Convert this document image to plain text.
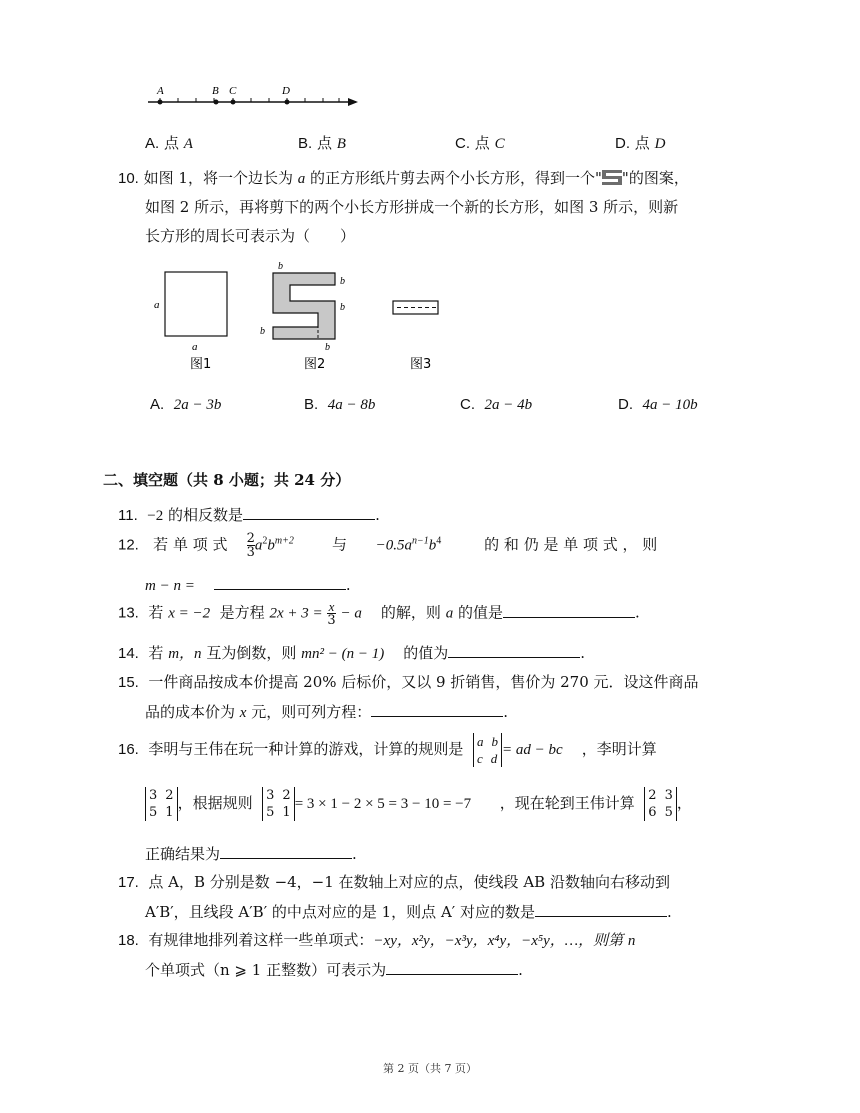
A	B C	D
A. 点 A	B. 点 B	C. 点 C	D. 点 D
10. 如图 1，将一个边长为 a 的正方形纸片剪去两个小长方形，得到一个" "的图案，
如图 2 所示，再将剪下的两个小长方形拼成一个新的长方形，如图 3 所示，则新
长方形的周长可表示为（　　）
a
a
图1
b
b
b
b
b
图2	图3
A. 2a − 3b	B. 4a − 8b	C. 2a − 4b	D. 4a − 10b
二、填空题（共 8 小题；共 24 分）
11. −2 的相反数是	.
12. 若 单 项 式 $\frac{2}{3} a^2b^{m+2}$	与 $-0.5a^{n-1}b^4$	的 和 仍 是 单 项 式 ， 则
m − n =	.
13. 若 x = −2 是方程 $2x + 3 = \frac{x}{3} - a$ 的解，则 a 的值是	.
14. 若 m，n 互为倒数，则 mn² − (n − 1) 的值为	.
15. 一件商品按成本价提高 20% 后标价，又以 9 折销售，售价为 270 元．设这件商品
品的成本价为 x 元，则可列方程：	.
16. 李明与王伟在玩一种计算的游戏，计算的规则是 a b
c d
= ad − bc ，李明计算
3 2
5 1
，根据规则 3 2
5 1
= 3 × 1 − 2 × 5 = 3 − 10 = −7 ，现在轮到王伟计算 2 3
6 5
，
正确结果为	.
17. 点 A，B 分别是数 −4，−1 在数轴上对应的点，使线段 AB 沿数轴向右移动到
A′B′，且线段 A′B′ 的中点对应的是 1，则点 A′ 对应的数是	.
18. 有规律地排列着这样一些单项式：−xy，x²y，−x³y，x⁴y，−x⁵y，…，则第 n
个单项式（n ⩾ 1 正整数）可表示为	.
第 2 页（共 7 页）
